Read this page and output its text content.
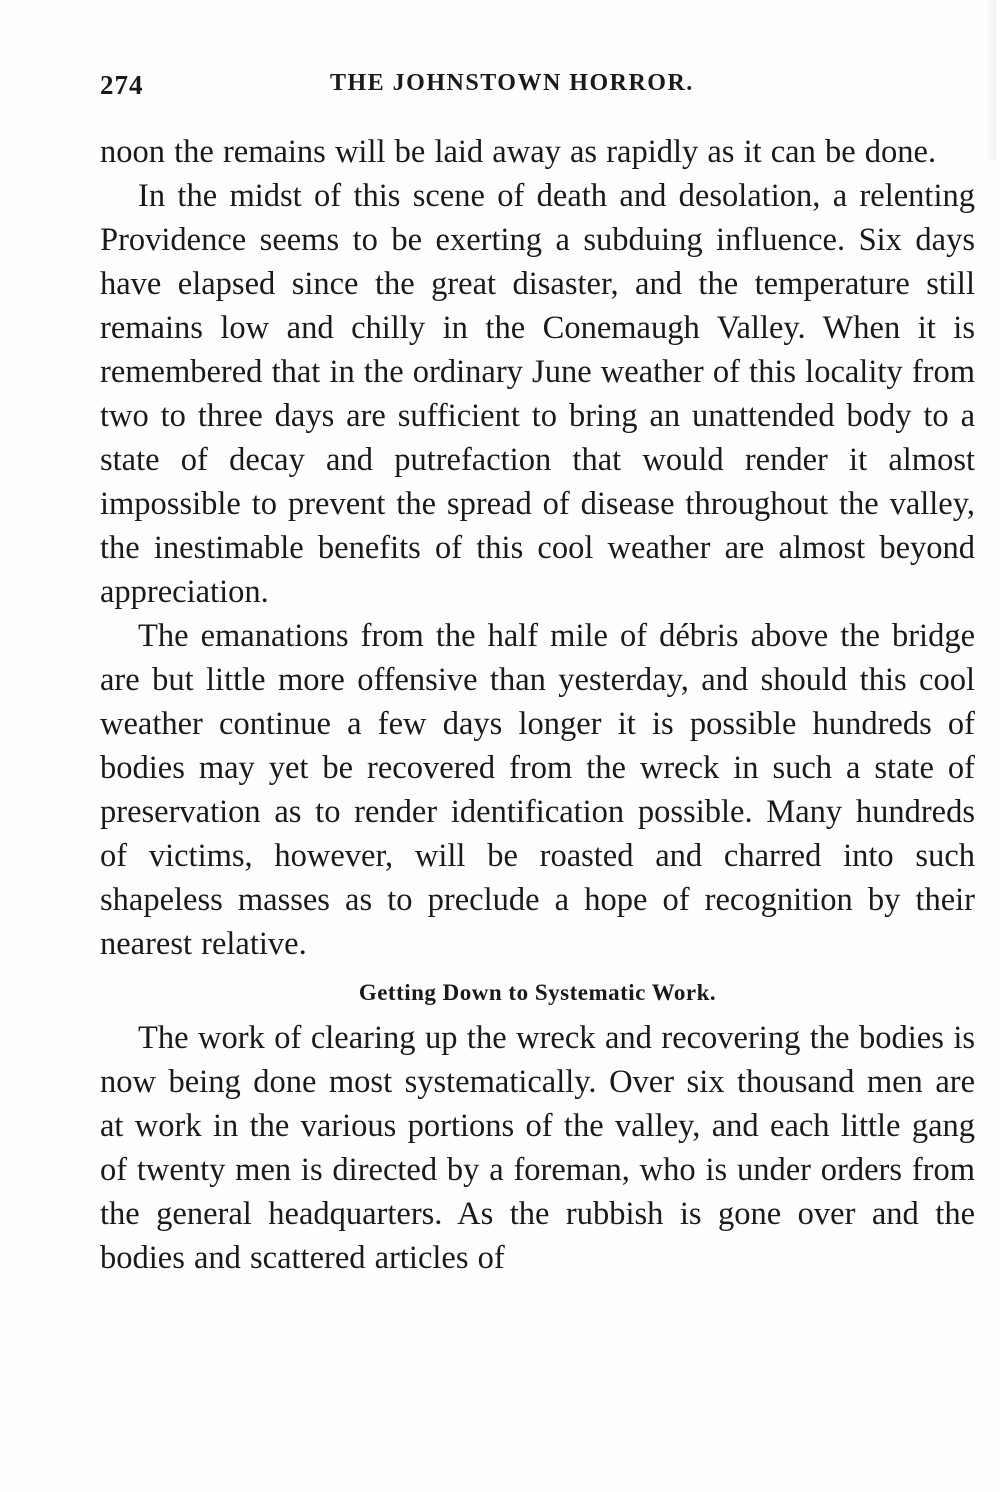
274	THE JOHNSTOWN HORROR.

noon the remains will be laid away as rapidly as it can be done.

In the midst of this scene of death and desolation, a relenting Providence seems to be exerting a subduing influence. Six days have elapsed since the great disaster, and the temperature still remains low and chilly in the Conemaugh Valley. When it is remembered that in the ordinary June weather of this locality from two to three days are sufficient to bring an unattended body to a state of decay and putrefaction that would render it almost impossible to prevent the spread of disease throughout the valley, the inestimable benefits of this cool weather are almost beyond appreciation.

The emanations from the half mile of débris above the bridge are but little more offensive than yesterday, and should this cool weather continue a few days longer it is possible hundreds of bodies may yet be recovered from the wreck in such a state of preservation as to render identification possible. Many hundreds of victims, however, will be roasted and charred into such shapeless masses as to preclude a hope of recognition by their nearest relative.

Getting Down to Systematic Work.

The work of clearing up the wreck and recovering the bodies is now being done most systematically. Over six thousand men are at work in the various portions of the valley, and each little gang of twenty men is directed by a foreman, who is under orders from the general headquarters. As the rubbish is gone over and the bodies and scattered articles of
